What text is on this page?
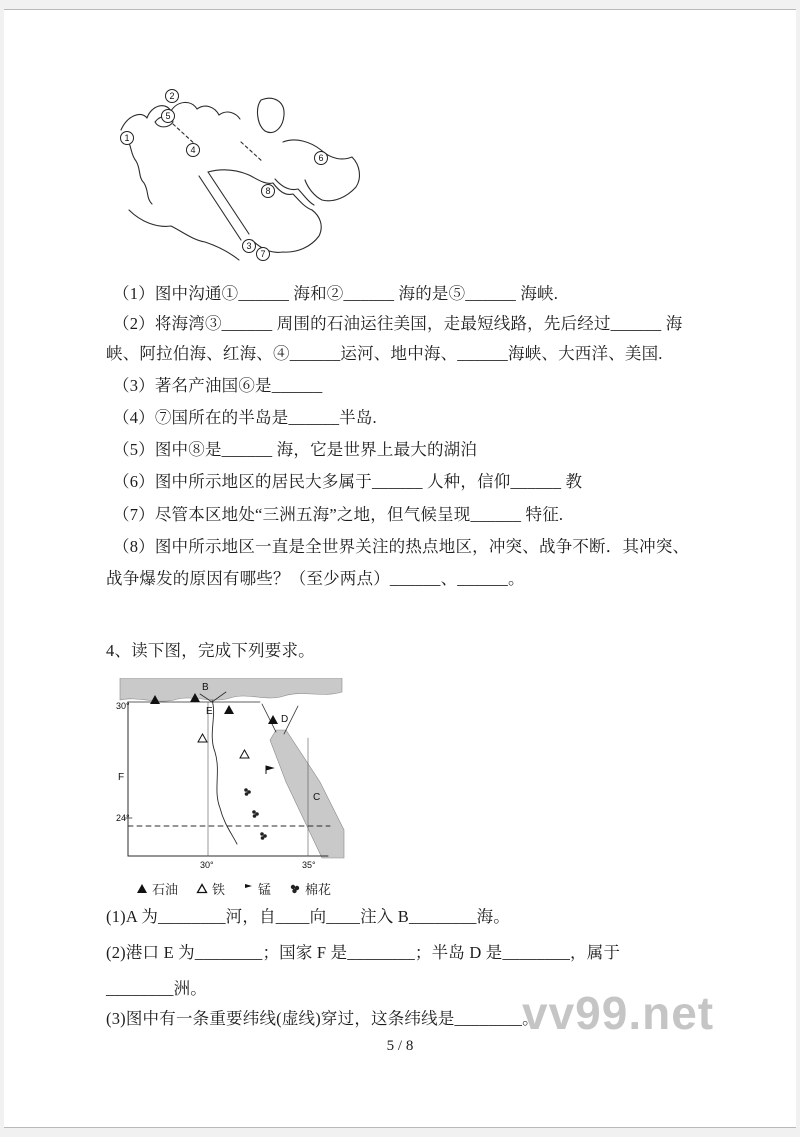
2
5
1
4
6
8
3
7
（1）图中沟通①______ 海和②______ 海的是⑤______ 海峡.
（2）将海湾③______ 周围的石油运往美国，走最短线路，先后经过______ 海
峡、阿拉伯海、红海、④______运河、地中海、______海峡、大西洋、美国.
（3）著名产油国⑥是______
（4）⑦国所在的半岛是______半岛.
（5）图中⑧是______ 海，它是世界上最大的湖泊
（6）图中所示地区的居民大多属于______ 人种，信仰______ 教
（7）尽管本区地处“三洲五海”之地，但气候呈现______ 特征.
（8）图中所示地区一直是全世界关注的热点地区，冲突、战争不断．其冲突、
战争爆发的原因有哪些？（至少两点）______、______。
4、读下图，完成下列要求。
B
E
D
C
F
30°
24°
30°	35°
石油	铁	锰	棉花
(1)A 为________河，自____向____注入 B________海。
(2)港口 E 为________；国家 F 是________；半岛 D 是________，属于
________洲。
(3)图中有一条重要纬线(虚线)穿过，这条纬线是________。
5 / 8
vv99.net
